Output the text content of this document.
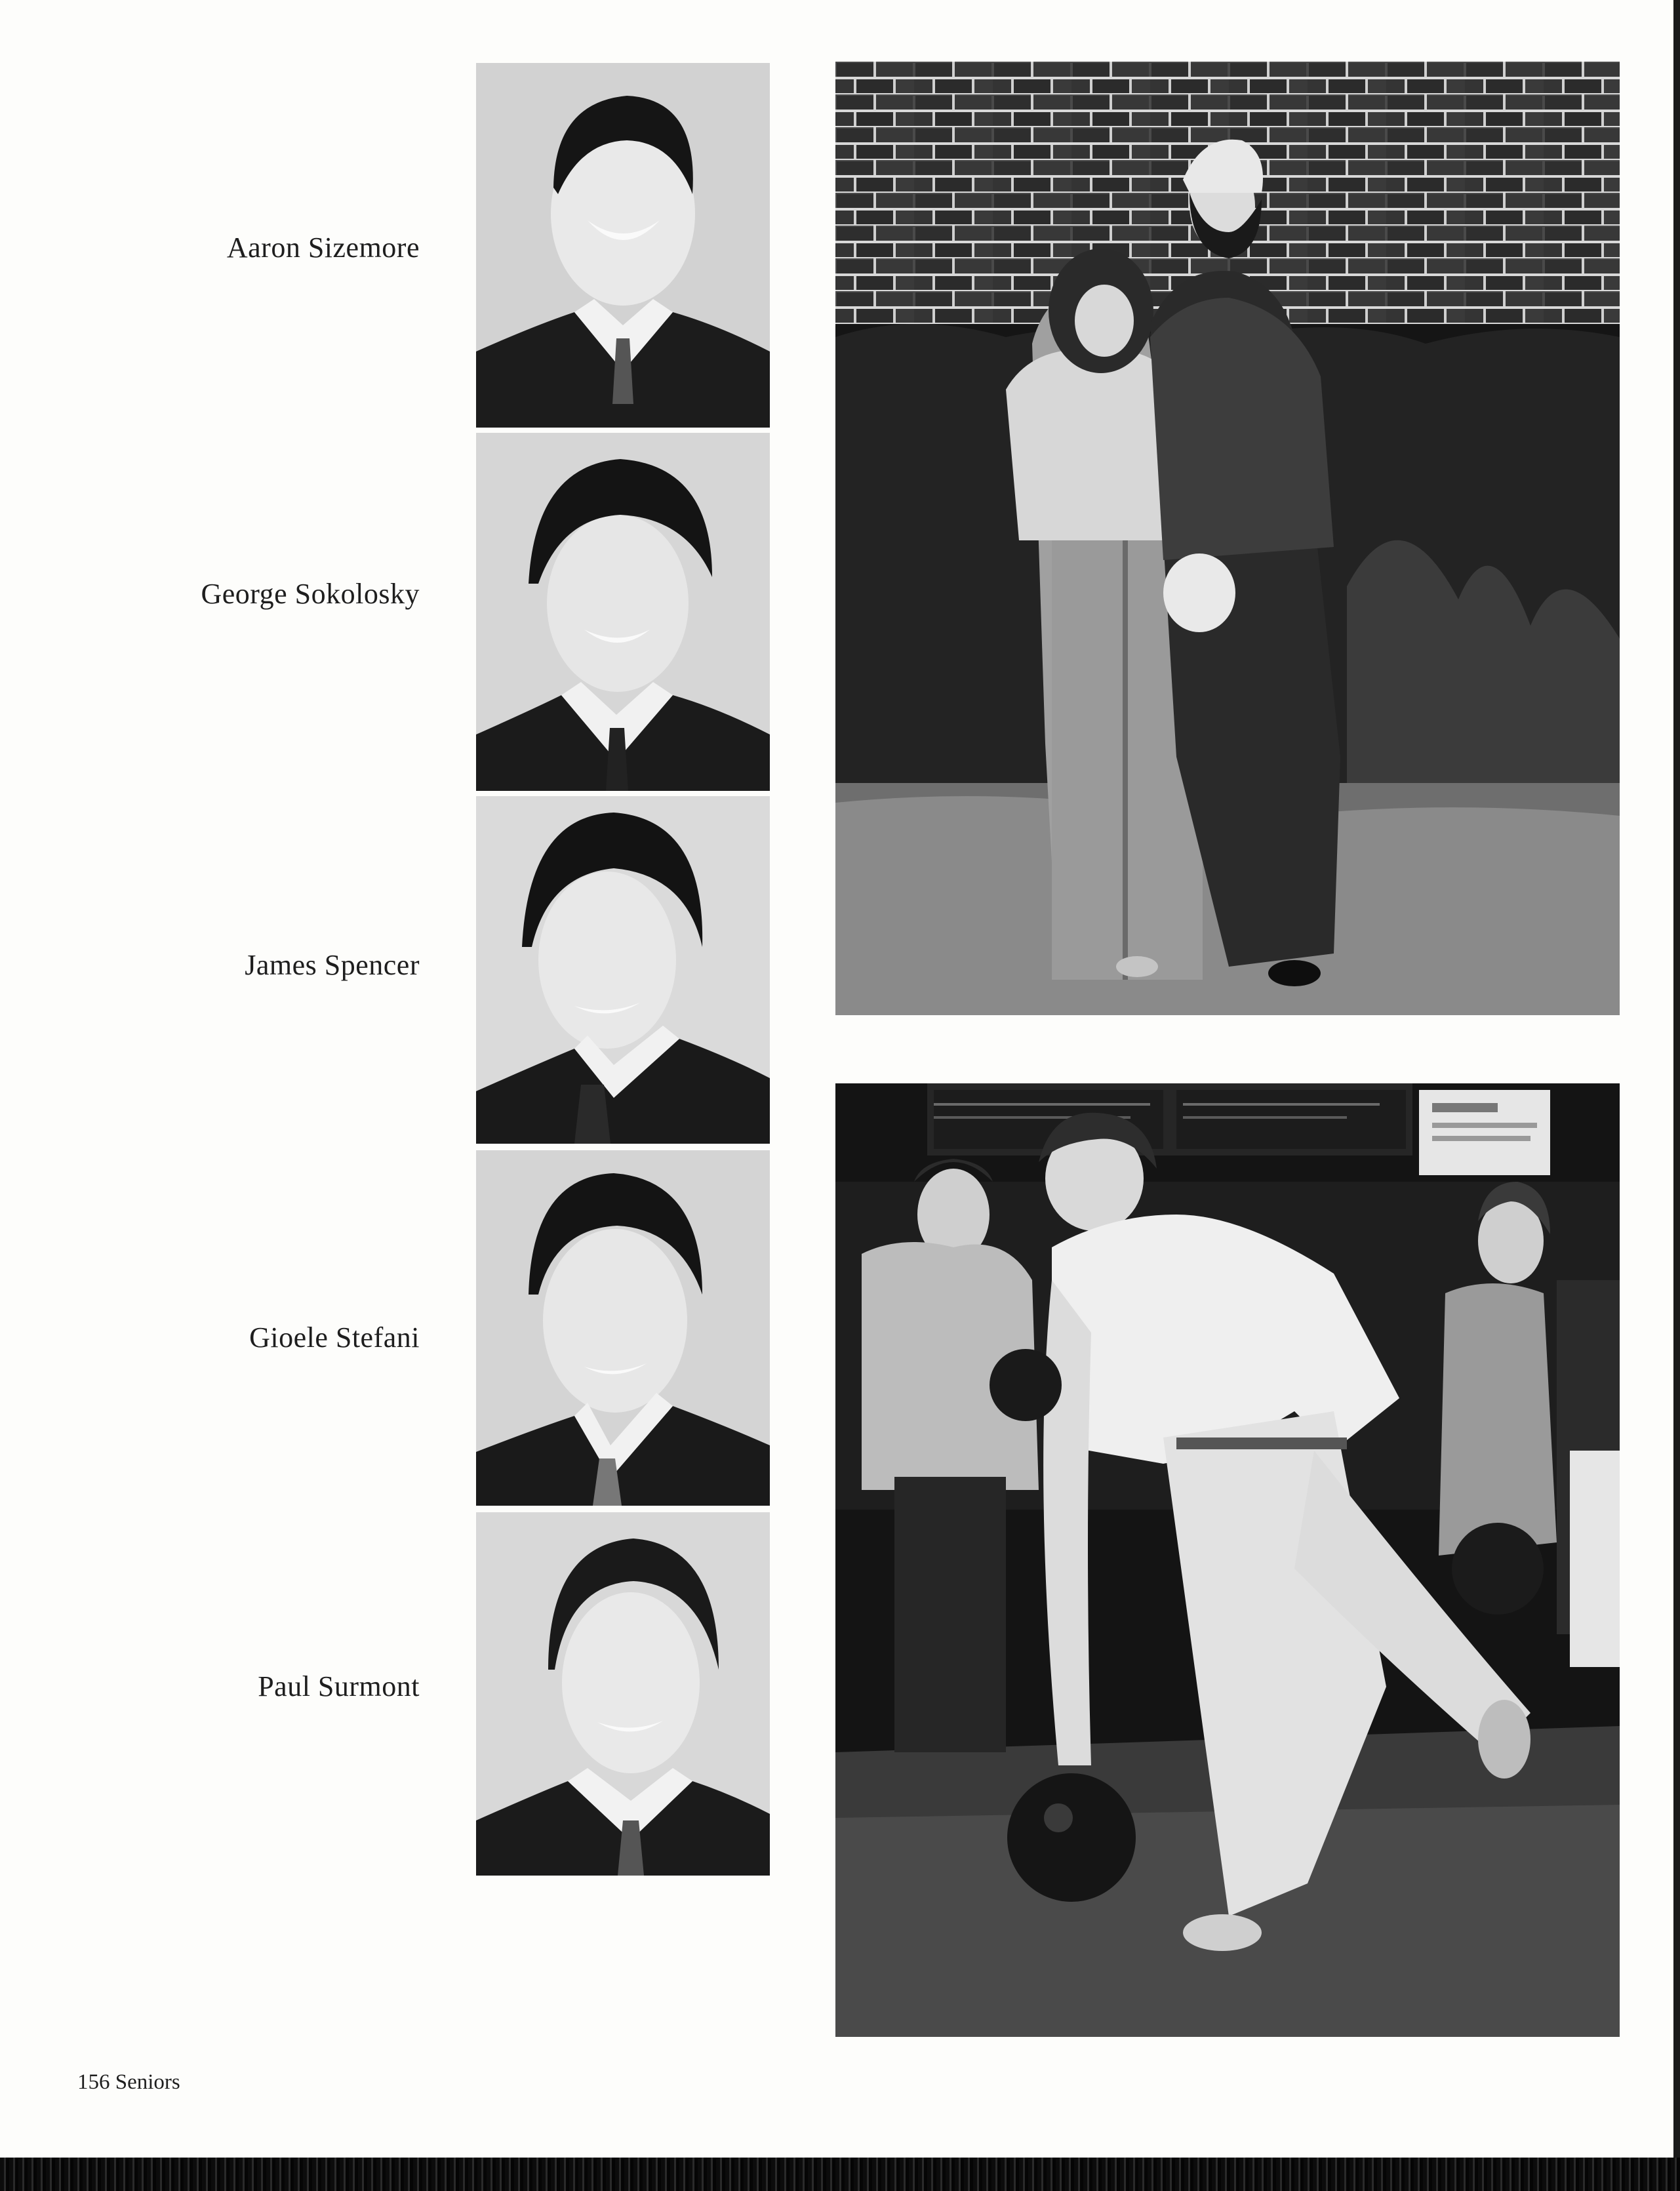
Aaron Sizemore
George Sokolosky
James Spencer
Gioele Stefani
Paul Surmont
156 Seniors
